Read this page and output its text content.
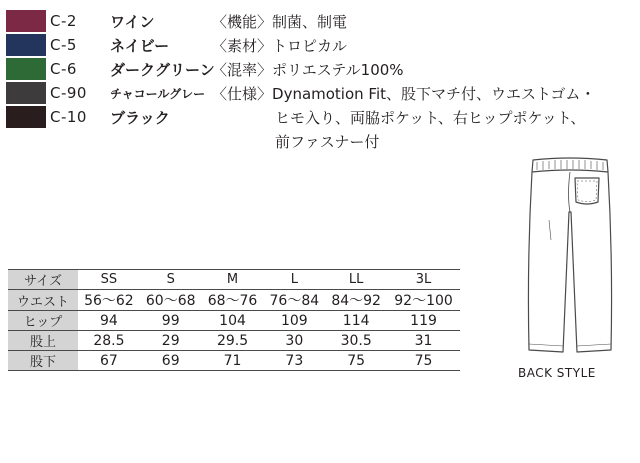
C-2	ワイン
C-5	ネイビー
C-6	ダークグリーン
C-90	チャコールグレー
C-10	ブラック
〈機能〉制菌、制電
〈素材〉トロピカル
〈混率〉ポリエステル100%
〈仕様〉Dynamotion Fit、股下マチ付、ウエストゴム・
ヒモ入り、両脇ポケット、右ヒップポケット、
前ファスナー付
サイズ	SS	S	M	L	LL	3L
ウエスト	56〜62	60〜68	68〜76	76〜84	84〜92	92〜100
ヒップ	94	99	104	109	114	119
股上	28.5	29	29.5	30	30.5	31
股下	67	69	71	73	75	75
BACK STYLE
